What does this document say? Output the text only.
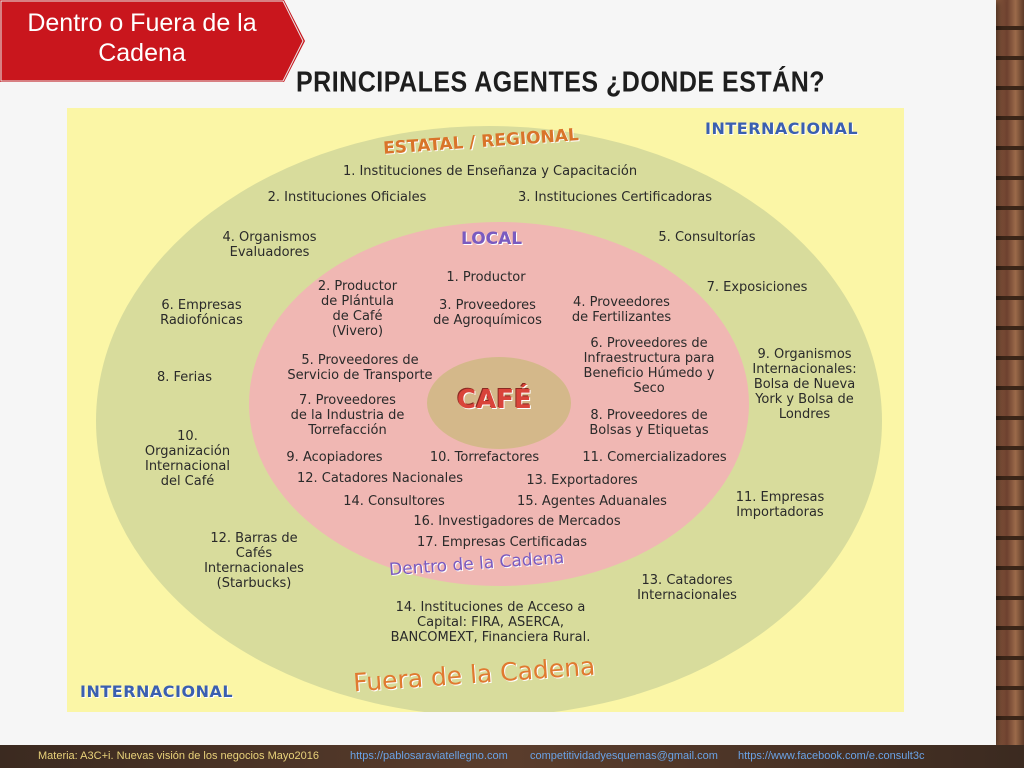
Dentro o Fuera de la
Cadena
PRINCIPALES AGENTES ¿DONDE ESTÁN?
INTERNACIONAL
INTERNACIONAL
ESTATAL / REGIONAL
LOCAL
CAFÉ
Dentro de la Cadena
Fuera de la Cadena
1. Instituciones de Enseñanza y Capacitación
2. Instituciones Oficiales	3. Instituciones Certificadoras
4. Organismos
Evaluadores
5. Consultorías
6. Empresas
Radiofónicas
7. Exposiciones
8. Ferias
9. Organismos
Internacionales:
Bolsa de Nueva
York y Bolsa de
Londres
10.
Organización
Internacional
del Café
11. Empresas
Importadoras
12. Barras de
Cafés
Internacionales
(Starbucks)	13. Catadores
Internacionales
14. Instituciones de Acceso a
Capital: FIRA, ASERCA,
BANCOMEXT, Financiera Rural.
1. Productor
2. Productor
de Plántula
de Café
(Vivero)
3. Proveedores
de Agroquímicos
4. Proveedores
de Fertilizantes
5. Proveedores de
Servicio de Transporte
6. Proveedores de
Infraestructura para
Beneficio Húmedo y
Seco
7. Proveedores
de la Industria de
Torrefacción
8. Proveedores de
Bolsas y Etiquetas
9. Acopiadores	10. Torrefactores	11. Comercializadores
12. Catadores Nacionales	13. Exportadores
14. Consultores	15. Agentes Aduanales
16. Investigadores de Mercados
17. Empresas Certificadas
Materia: A3C+i. Nuevas visión de los negocios Mayo2016	https://pablosaraviatellegno.com competitividadyesquemas@gmail.com https://www.facebook.com/e.consult3c
